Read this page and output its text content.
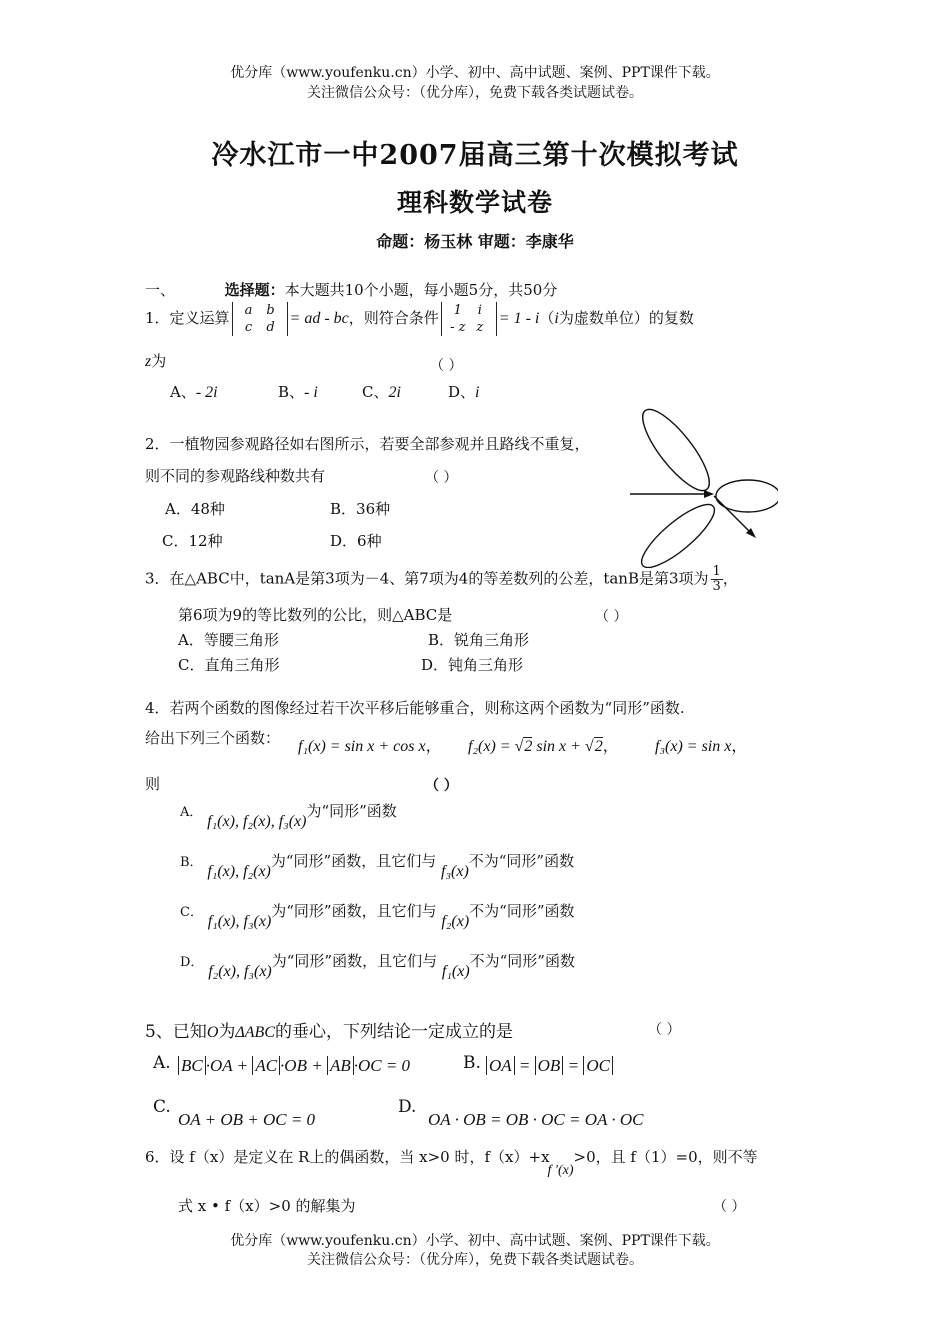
优分库（www.youfenku.cn）小学、初中、高中试题、案例、PPT课件下载。
关注微信公众号：（优分库），免费下载各类试题试卷。
冷水江市一中2007届高三第十次模拟考试
理科数学试卷
命题：杨玉林 审题：李康华
一、	选择题：本大题共10个小题，每小题5分，共50分
1．定义运算 a b
c d= ad - bc，则符合条件 1 i
- z z= 1 - i（i为虚数单位）的复数
z为	（ ）
A、- 2i	B、- i	C、2i	D、i
2．一植物园参观路径如右图所示，若要全部参观并且路线不重复，
则不同的参观路线种数共有	（ ）
A．48种	B．36种
C．12种	D．6种
3．在△ABC中，tanA是第3项为－4、第7项为4的等差数列的公差，tanB是第3项为 $\frac{1}{3}$ ，
第6项为9的等比数列的公比，则△ABC是	（ ）
A．等腰三角形	B．锐角三角形
C．直角三角形	D．钝角三角形
4．若两个函数的图像经过若干次平移后能够重合，则称这两个函数为“同形”函数.
给出下列三个函数： f₁(x) = sin x + cos x， f₂(x) = √2 sin x + √2， f₃(x) = sin x，
则	（ ）
A． f₁(x), f₂(x), f₃(x)为“同形”函数
B． f₁(x), f₂(x)为“同形”函数，且它们与 f₃(x)不为“同形”函数
C． f₁(x), f₃(x)为“同形”函数，且它们与 f₂(x)不为“同形”函数
D． f₂(x), f₃(x)为“同形”函数，且它们与 f₁(x)不为“同形”函数
5、已知O为ΔABC的垂心，下列结论一定成立的是	（ ）
A. BC ·OA + AC ·OB + AB ·OC = 0	B. OA = OB = OC
C.
OA + OB + OC = 0
D.
OA · OB = OB · OC = OA · OC
6．设 f（x）是定义在 R上的偶函数，当 x>0 时，f（x）+xf ′(x)>0，且 f（1）=0，则不等
式 x • f（x）>0 的解集为	（ ）
优分库（www.youfenku.cn）小学、初中、高中试题、案例、PPT课件下载。
关注微信公众号：（优分库），免费下载各类试题试卷。
